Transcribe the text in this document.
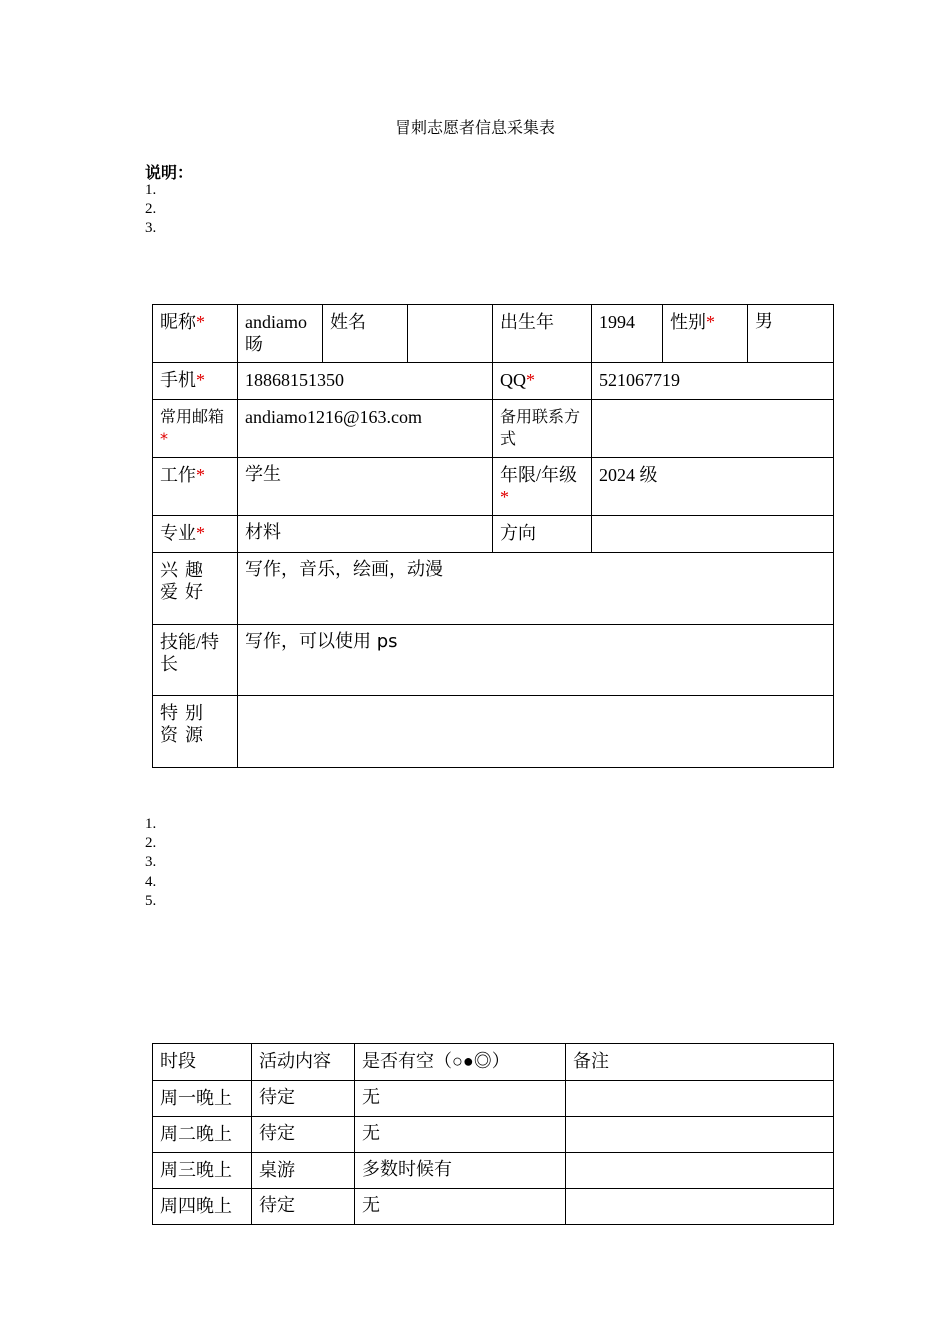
冒刺志愿者信息采集表
说明：
1.
2.
3.
昵称*	andiamo 旸	姓名		出生年	1994	性别*	男
手机*	18868151350			QQ*	521067719		
常用邮箱*	andiamo1216@163.com			备用联系方式			
工作*	学生			年限/年级*	2024 级		
专业*	材料			方向			
兴趣爱好	写作，音乐，绘画，动漫						
技能/特长	写作，可以使用 ps						
特别资源							
1.
2.
3.
4.
5.
时段	活动内容	是否有空（○●◎）	备注
周一晚上	待定	无	
周二晚上	待定	无	
周三晚上	桌游	多数时候有	
周四晚上	待定	无	
